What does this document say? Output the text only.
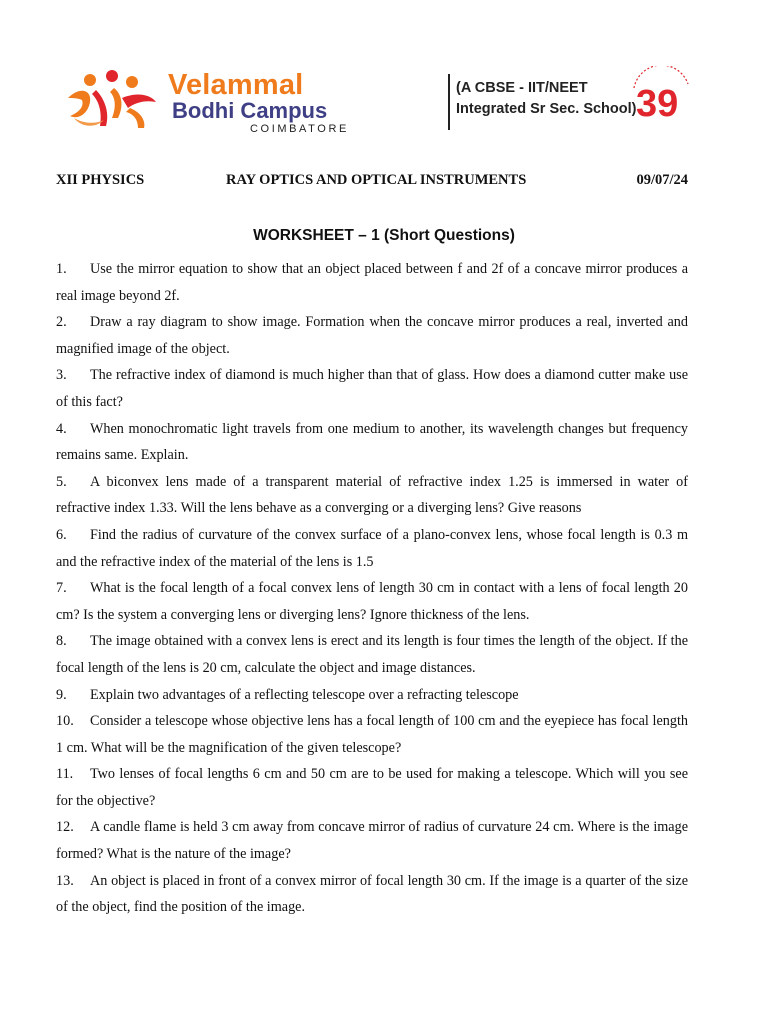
Velammal
Bodhi Campus
COIMBATORE
(A CBSE - IIT/NEET
Integrated Sr Sec. School) 39
XII PHYSICS	RAY OPTICS AND OPTICAL INSTRUMENTS	09/07/24
WORKSHEET – 1 (Short Questions)

1. Use the mirror equation to show that an object placed between f and 2f of a concave mirror produces a real image beyond 2f.

2. Draw a ray diagram to show image. Formation when the concave mirror produces a real, inverted and magnified image of the object.

3. The refractive index of diamond is much higher than that of glass. How does a diamond cutter make use of this fact?

4. When monochromatic light travels from one medium to another, its wavelength changes but frequency remains same. Explain.

5. A biconvex lens made of a transparent material of refractive index 1.25 is immersed in water of refractive index 1.33. Will the lens behave as a converging or a diverging lens? Give reasons

6. Find the radius of curvature of the convex surface of a plano-convex lens, whose focal length is 0.3 m and the refractive index of the material of the lens is 1.5

7. What is the focal length of a focal convex lens of length 30 cm in contact with a lens of focal length 20 cm? Is the system a converging lens or diverging lens? Ignore thickness of the lens.

8. The image obtained with a convex lens is erect and its length is four times the length of the object. If the focal length of the lens is 20 cm, calculate the object and image distances.

9. Explain two advantages of a reflecting telescope over a refracting telescope

10. Consider a telescope whose objective lens has a focal length of 100 cm and the eyepiece has focal length 1 cm. What will be the magnification of the given telescope?

11. Two lenses of focal lengths 6 cm and 50 cm are to be used for making a telescope. Which will you see for the objective?

12. A candle flame is held 3 cm away from concave mirror of radius of curvature 24 cm. Where is the image formed? What is the nature of the image?

13. An object is placed in front of a convex mirror of focal length 30 cm. If the image is a quarter of the size of the object, find the position of the image.
